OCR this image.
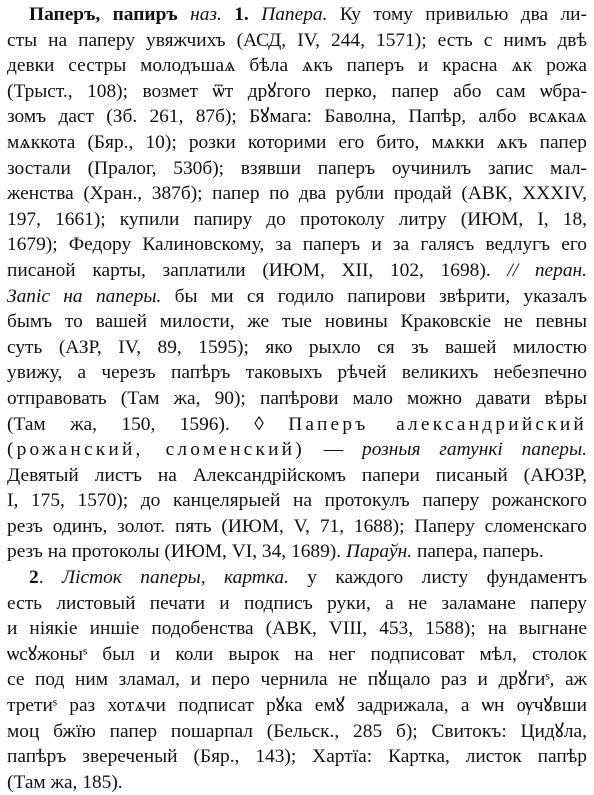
Паперъ, папиръ наз. 1. Папера. Ку тому привилью два ли-
сты на паперу увяжчихъ (АСД, IV, 244, 1571); есть с нимъ двѣ
девки сестры молодъшаѧ бѣла ѧкъ паперъ и красна ѧк рожа
(Трыст., 108); возмет ѿт дрꙋгого перко, папер або сам ѡбра-
зомъ даст (Зб. 261, 87б); Бꙋмага: Баволна, Папѣр, албо всѧкаѧ
мѧккота (Бяр., 10); розки которими его бито, мѧкки ѧкъ папер
зостали (Пралог, 530б); взявши паперъ оучинилъ запис мал-
женства (Хран., 387б); папер по два рубли продай (АВК, XXXIV,
197, 1661); купили папиру до протоколу литру (ИЮМ, І, 18,
1679); Федору Калиновскому, за паперъ и за галясъ ведлугъ его
писаной карты, заплатили (ИЮМ, XII, 102, 1698). // перан.
Запіс на паперы. бы ми ся годило папирови звѣрити, указалъ
бымъ то вашей милости, же тые новины Краковскіе не певны
суть (АЗР, IV, 89, 1595); яко рыхло ся зъ вашей милостю
увижу, а черезъ папѣръ таковыхъ рѣчей великихъ небезпечно
отправовать (Там жа, 90); папѣрови мало можно давати вѣры
(Там жа, 150, 1596). ◊ Паперъ александрийский
(рожанский, сломенский) — розныя гатункі паперы.
Девятый листъ на Александрійскомъ папери писаный (АЮЗР,
I, 175, 1570); до канцелярыей на протокулъ паперу рожанского
резъ одинъ, золот. пять (ИЮМ, V, 71, 1688); Паперу сломенскаго
резъ на протоколы (ИЮМ, VI, 34, 1689). Параўн. папера, паперь.
2. Лісток паперы, картка. у каждого листу фундаментъ
есть листовый печати и подписъ руки, а не заламане паперу
и ніякіе иншіе подобенства (АВК, VIII, 453, 1588); на выгнане
ѡсꙋжоныˢ был и коли вырок на нег подписоват мѣл, столок
се под ним зламал, и перо чернила не пꙋщало раз и дрꙋгиˢ, аж
третиˢ раз хотѧчи подписат рꙋка емꙋ задрижала, а ѡн ѹчꙋвши
моц бжїю папер пошарпал (Бельск., 285 б); Свитокъ: Цидꙋла,
папѣръ звереченый (Бяр., 143); Хартїа: Картка, листок папѣр
(Там жа, 185).
